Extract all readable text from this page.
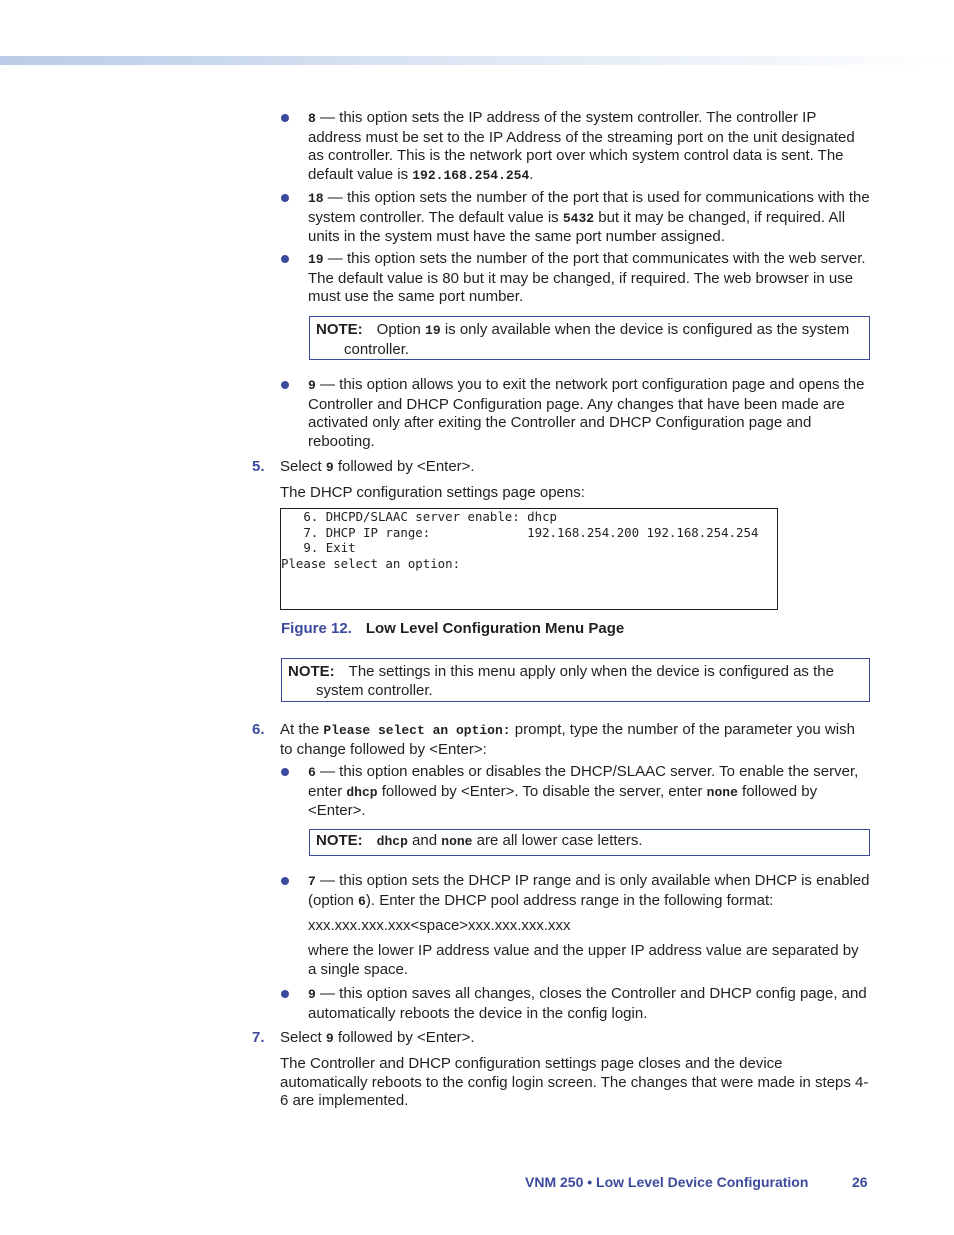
8 — this option sets the IP address of the system controller. The controller IP address must be set to the IP Address of the streaming port on the unit designated as controller. This is the network port over which system control data is sent. The default value is 192.168.254.254.
18 — this option sets the number of the port that is used for communications with the system controller. The default value is 5432 but it may be changed, if required. All units in the system must have the same port number assigned.
19 — this option sets the number of the port that communicates with the web server. The default value is 80 but it may be changed, if required. The web browser in use must use the same port number.
NOTE: Option 19 is only available when the device is configured as the system controller.
9 — this option allows you to exit the network port configuration page and opens the Controller and DHCP Configuration page. Any changes that have been made are activated only after exiting the Controller and DHCP Configuration page and rebooting.
5. Select 9 followed by <Enter>.
The DHCP configuration settings page opens:
6. DHCPD/SLAAC server enable: dhcp
7. DHCP IP range:             192.168.254.200 192.168.254.254
9. Exit
Please select an option:
Figure 12. Low Level Configuration Menu Page
NOTE: The settings in this menu apply only when the device is configured as the system controller.
6. At the Please select an option: prompt, type the number of the parameter you wish to change followed by <Enter>:
6 — this option enables or disables the DHCP/SLAAC server. To enable the server, enter dhcp followed by <Enter>. To disable the server, enter none followed by <Enter>.
NOTE: dhcp and none are all lower case letters.
7 — this option sets the DHCP IP range and is only available when DHCP is enabled (option 6). Enter the DHCP pool address range in the following format:
xxx.xxx.xxx.xxx<space>xxx.xxx.xxx.xxx
where the lower IP address value and the upper IP address value are separated by a single space.
9 — this option saves all changes, closes the Controller and DHCP config page, and automatically reboots the device in the config login.
7. Select 9 followed by <Enter>.
The Controller and DHCP configuration settings page closes and the device automatically reboots to the config login screen. The changes that were made in steps 4-6 are implemented.
VNM 250 • Low Level Device Configuration	26
